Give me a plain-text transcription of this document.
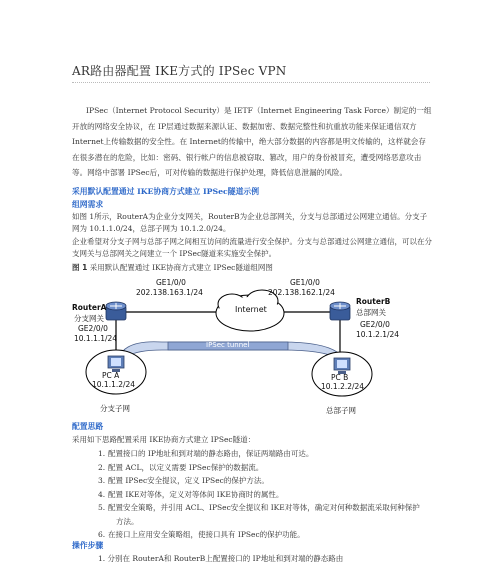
AR路由器配置 IKE方式的 IPSec VPN
IPSec（Internet Protocol Security）是 IETF（Internet Engineering Task Force）制定的一组开放的网络安全协议，在 IP层通过数据来源认证、数据加密、数据完整性和抗重放功能来保证通信双方 Internet上传输数据的安全性。在 Internet的传输中，绝大部分数据的内容都是明文传输的，这样就会存在很多潜在的危险，比如：密码、银行帐户的信息被窃取、篡改，用户的身份被冒充，遭受网络恶意攻击等。网络中部署 IPSec后，可对传输的数据进行保护处理，降低信息泄漏的风险。
采用默认配置通过 IKE协商方式建立 IPSec隧道示例
组网需求
如图 1所示，RouterA为企业分支网关，RouterB为企业总部网关，分支与总部通过公网建立通信。分支子网为 10.1.1.0/24，总部子网为 10.1.2.0/24。
企业希望对分支子网与总部子网之间相互访问的流量进行安全保护。分支与总部通过公网建立通信，可以在分支网关与总部网关之间建立一个 IPSec隧道来实施安全保护。
图 1 采用默认配置通过 IKE协商方式建立 IPSec隧道组网图
RouterA
分支网关
GE1/0/0
202.138.163.1/24
GE2/0/0
10.1.1.1/24
Internet
GE1/0/0
202.138.162.1/24
RouterB
总部网关
GE2/0/0
10.1.2.1/24
IPSec tunnel
PC A
10.1.1.2/24
分支子网
PC B
10.1.2.2/24
总部子网
配置思路
采用如下思路配置采用 IKE协商方式建立 IPSec隧道：
1. 配置接口的 IP地址和到对端的静态路由，保证两端路由可达。
2. 配置 ACL，以定义需要 IPSec保护的数据流。
3. 配置 IPSec安全提议，定义 IPSec的保护方法。
4. 配置 IKE对等体，定义对等体间 IKE协商时的属性。
5. 配置安全策略，并引用 ACL、IPSec安全提议和 IKE对等体，确定对何种数据流采取何种保护
方法。
6. 在接口上应用安全策略组，使接口具有 IPSec的保护功能。
操作步骤
1. 分别在 RouterA和 RouterB上配置接口的 IP地址和到对端的静态路由
